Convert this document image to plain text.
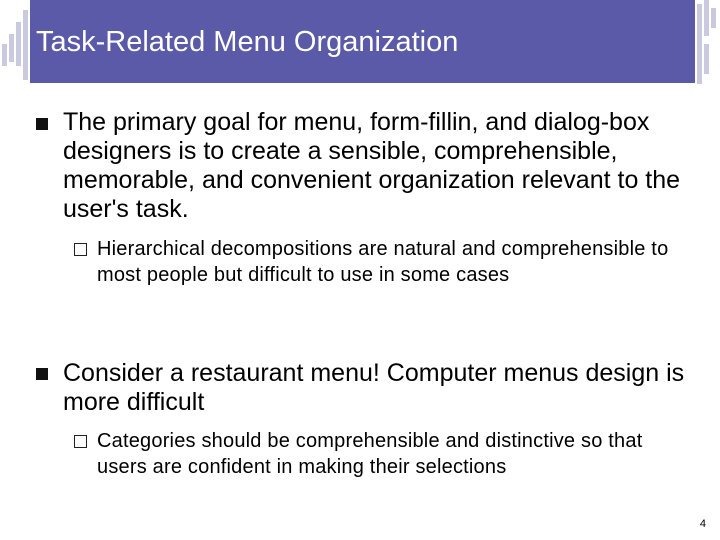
Task-Related Menu Organization
The primary goal for menu, form-fillin, and dialog-box designers is to create a sensible, comprehensible, memorable, and convenient organization relevant to the user's task.
Hierarchical decompositions are natural and comprehensible to most people but difficult to use in some cases
Consider a restaurant menu! Computer menus design is more difficult
Categories should be comprehensible and distinctive so that users are confident in making their selections
4
